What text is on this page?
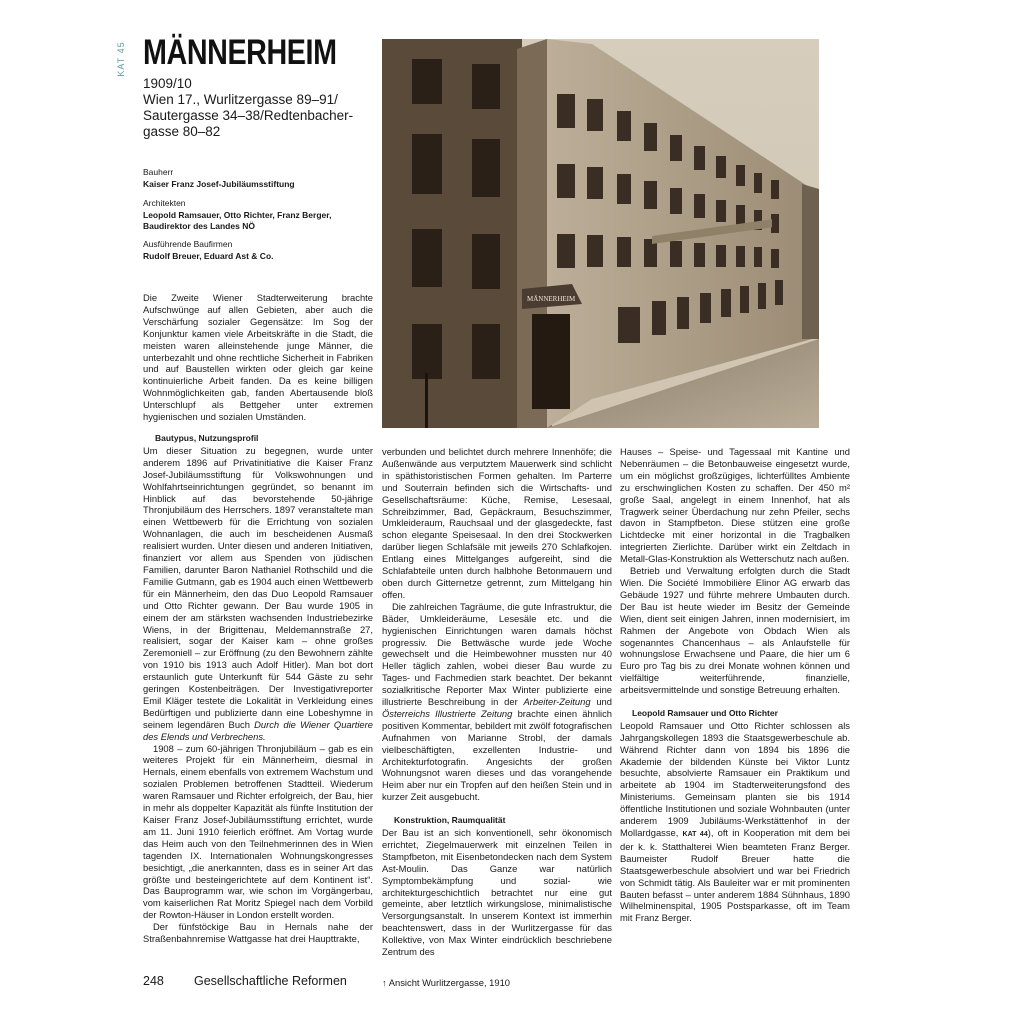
KAT 45 MÄNNERHEIM
1909/10
Wien 17., Wurlitzergasse 89–91/
Sautergasse 34–38/Redtenbacher-
gasse 80–82
Bauherr
Kaiser Franz Josef-Jubiläumsstiftung
Architekten
Leopold Ramsauer, Otto Richter, Franz Berger, Baudirektor des Landes NÖ
Ausführende Baufirmen
Rudolf Breuer, Eduard Ast & Co.
Die Zweite Wiener Stadterweiterung brachte Aufschwünge auf allen Gebieten, aber auch die Verschärfung sozialer Gegensätze: Im Sog der Konjunktur kamen viele Arbeitskräfte in die Stadt, die meisten waren alleinstehende junge Männer, die unterbezahlt und ohne rechtliche Sicherheit in Fabriken und auf Baustellen wirkten oder gleich gar keine kontinuierliche Arbeit fanden. Da es keine billigen Wohnmöglichkeiten gab, fanden Abertausende bloß Unterschlupf als Bettgeher unter extremen hygienischen und sozialen Umständen.
MÄNNERHEIM
Bautypus, Nutzungsprofil

Um dieser Situation zu begegnen, wurde unter anderem 1896 auf Privatinitiative die Kaiser Franz Josef-Jubiläumsstiftung für Volkswohnungen und Wohlfahrtseinrichtungen gegründet, so benannt im Hinblick auf das bevorstehende 50-jährige Thronjubiläum des Herrschers. 1897 veranstaltete man einen Wettbewerb für die Errichtung von sozialen Wohnanlagen, die auch im bescheidenen Ausmaß realisiert wurden. Unter diesen und anderen Initiativen, finanziert vor allem aus Spenden von jüdischen Familien, darunter Baron Nathaniel Rothschild und die Familie Gutmann, gab es 1904 auch einen Wettbewerb für ein Männerheim, den das Duo Leopold Ramsauer und Otto Richter gewann. Der Bau wurde 1905 in einem der am stärksten wachsenden Industriebezirke Wiens, in der Brigittenau, Meldemannstraße 27, realisiert, sogar der Kaiser kam – ohne großes Zeremoniell – zur Eröffnung (zu den Bewohnern zählte von 1910 bis 1913 auch Adolf Hitler). Man bot dort erstaunlich gute Unterkunft für 544 Gäste zu sehr geringen Kostenbeiträgen. Der Investigativreporter Emil Kläger testete die Lokalität in Verkleidung eines Bedürftigen und publizierte dann eine Lobeshymne in seinem legendären Buch Durch die Wiener Quartiere des Elends und Verbrechens.

1908 – zum 60-jährigen Thronjubiläum – gab es ein weiteres Projekt für ein Männerheim, diesmal in Hernals, einem ebenfalls von extremem Wachstum und sozialen Problemen betroffenen Stadtteil. Wiederum waren Ramsauer und Richter erfolgreich, der Bau, hier in mehr als doppelter Kapazität als fünfte Institution der Kaiser Franz Josef-Jubiläumsstiftung errichtet, wurde am 11. Juni 1910 feierlich eröffnet. Am Vortag wurde das Heim auch von den Teilnehmerinnen des in Wien tagenden IX. Internationalen Wohnungskongresses besichtigt, „die anerkannten, dass es in seiner Art das größte und besteingerichtete auf dem Kontinent ist“. Das Bauprogramm war, wie schon im Vorgängerbau, vom kaiserlichen Rat Moritz Spiegel nach dem Vorbild der Rowton-Häuser in London erstellt worden.

Der fünfstöckige Bau in Hernals nahe der Straßenbahnremise Wattgasse hat drei Haupttrakte,

verbunden und belichtet durch mehrere Innenhöfe; die Außenwände aus verputztem Mauerwerk sind schlicht in späthistoristischen Formen gehalten. Im Parterre und Souterrain befinden sich die Wirtschafts- und Gesellschaftsräume: Küche, Remise, Lesesaal, Schreibzimmer, Bad, Gepäckraum, Besuchszimmer, Umkleideraum, Rauchsaal und der glasgedeckte, fast schon elegante Speisesaal. In den drei Stockwerken darüber liegen Schlafsäle mit jeweils 270 Schlafkojen. Entlang eines Mittelganges aufgereiht, sind die Schlafabteile unten durch halbhohe Betonmauern und oben durch Gitternetze getrennt, zum Mittelgang hin offen.

Die zahlreichen Tagräume, die gute Infrastruktur, die Bäder, Umkleideräume, Lesesäle etc. und die hygienischen Einrichtungen waren damals höchst progressiv. Die Bettwäsche wurde jede Woche gewechselt und die Heimbewohner mussten nur 40 Heller täglich zahlen, wobei dieser Bau wurde zu Tages- und Fachmedien stark beachtet. Der bekannt sozialkritische Reporter Max Winter publizierte eine illustrierte Beschreibung in der Arbeiter-Zeitung und Österreichs Illustrierte Zeitung brachte einen ähnlich positiven Kommentar, bebildert mit zwölf fotografischen Aufnahmen von Marianne Strobl, der damals vielbeschäftigten, exzellenten Industrie- und Architekturfotografin. Angesichts der großen Wohnungsnot waren dieses und das vorangehende Heim aber nur ein Tropfen auf den heißen Stein und in kurzer Zeit ausgebucht.

Konstruktion, Raumqualität

Der Bau ist an sich konventionell, sehr ökonomisch errichtet, Ziegelmauerwerk mit einzelnen Teilen in Stampfbeton, mit Eisenbetondecken nach dem System Ast-Moulin. Das Ganze war natürlich Symptombekämpfung und sozial- wie architekturgeschichtlich betrachtet nur eine gut gemeinte, aber letztlich wirkungslose, minimalistische Versorgungsanstalt. In unserem Kontext ist immerhin beachtenswert, dass in der Wurlitzergasse für das Kollektive, von Max Winter eindrücklich beschriebene Zentrum des

Hauses – Speise- und Tagessaal mit Kantine und Nebenräumen – die Betonbauweise eingesetzt wurde, um ein möglichst großzügiges, lichterfülltes Ambiente zu erschwinglichen Kosten zu schaffen. Der 450 m² große Saal, angelegt in einem Innenhof, hat als Tragwerk seiner Überdachung nur zehn Pfeiler, sechs davon in Stampfbeton. Diese stützen eine große Lichtdecke mit einer horizontal in die Tragbalken integrierten Zierlichte. Darüber wirkt ein Zeltdach in Metall-Glas-Konstruktion als Wetterschutz nach außen.

Betrieb und Verwaltung erfolgten durch die Stadt Wien. Die Société Immobilière Elinor AG erwarb das Gebäude 1927 und führte mehrere Umbauten durch. Der Bau ist heute wieder im Besitz der Gemeinde Wien, dient seit einigen Jahren, innen modernisiert, im Rahmen der Angebote von Obdach Wien als sogenanntes Chancenhaus – als Anlaufstelle für wohnungslose Erwachsene und Paare, die hier um 6 Euro pro Tag bis zu drei Monate wohnen können und vielfältige weiterführende, finanzielle, arbeitsvermittelnde und sonstige Betreuung erhalten.

Leopold Ramsauer und Otto Richter

Leopold Ramsauer und Otto Richter schlossen als Jahrgangskollegen 1893 die Staatsgewerbeschule ab. Während Richter dann von 1894 bis 1896 die Akademie der bildenden Künste bei Viktor Luntz besuchte, absolvierte Ramsauer ein Praktikum und arbeitete ab 1904 im Stadterweiterungsfond des Ministeriums. Gemeinsam planten sie bis 1914 öffentliche Institutionen und soziale Wohnbauten (unter anderem 1909 Jubiläums-Werkstättenhof in der Mollardgasse, KAT 44), oft in Kooperation mit dem bei der k. k. Statthalterei Wien beamteten Franz Berger. Baumeister Rudolf Breuer hatte die Staatsgewerbeschule absolviert und war bei Friedrich von Schmidt tätig. Als Bauleiter war er mit prominenten Bauten befasst – unter anderem 1884 Sühnhaus, 1890 Wilhelminenspital, 1905 Postsparkasse, oft im Team mit Franz Berger.

248 Gesellschaftliche Reformen	↑ Ansicht Wurlitzergasse, 1910
